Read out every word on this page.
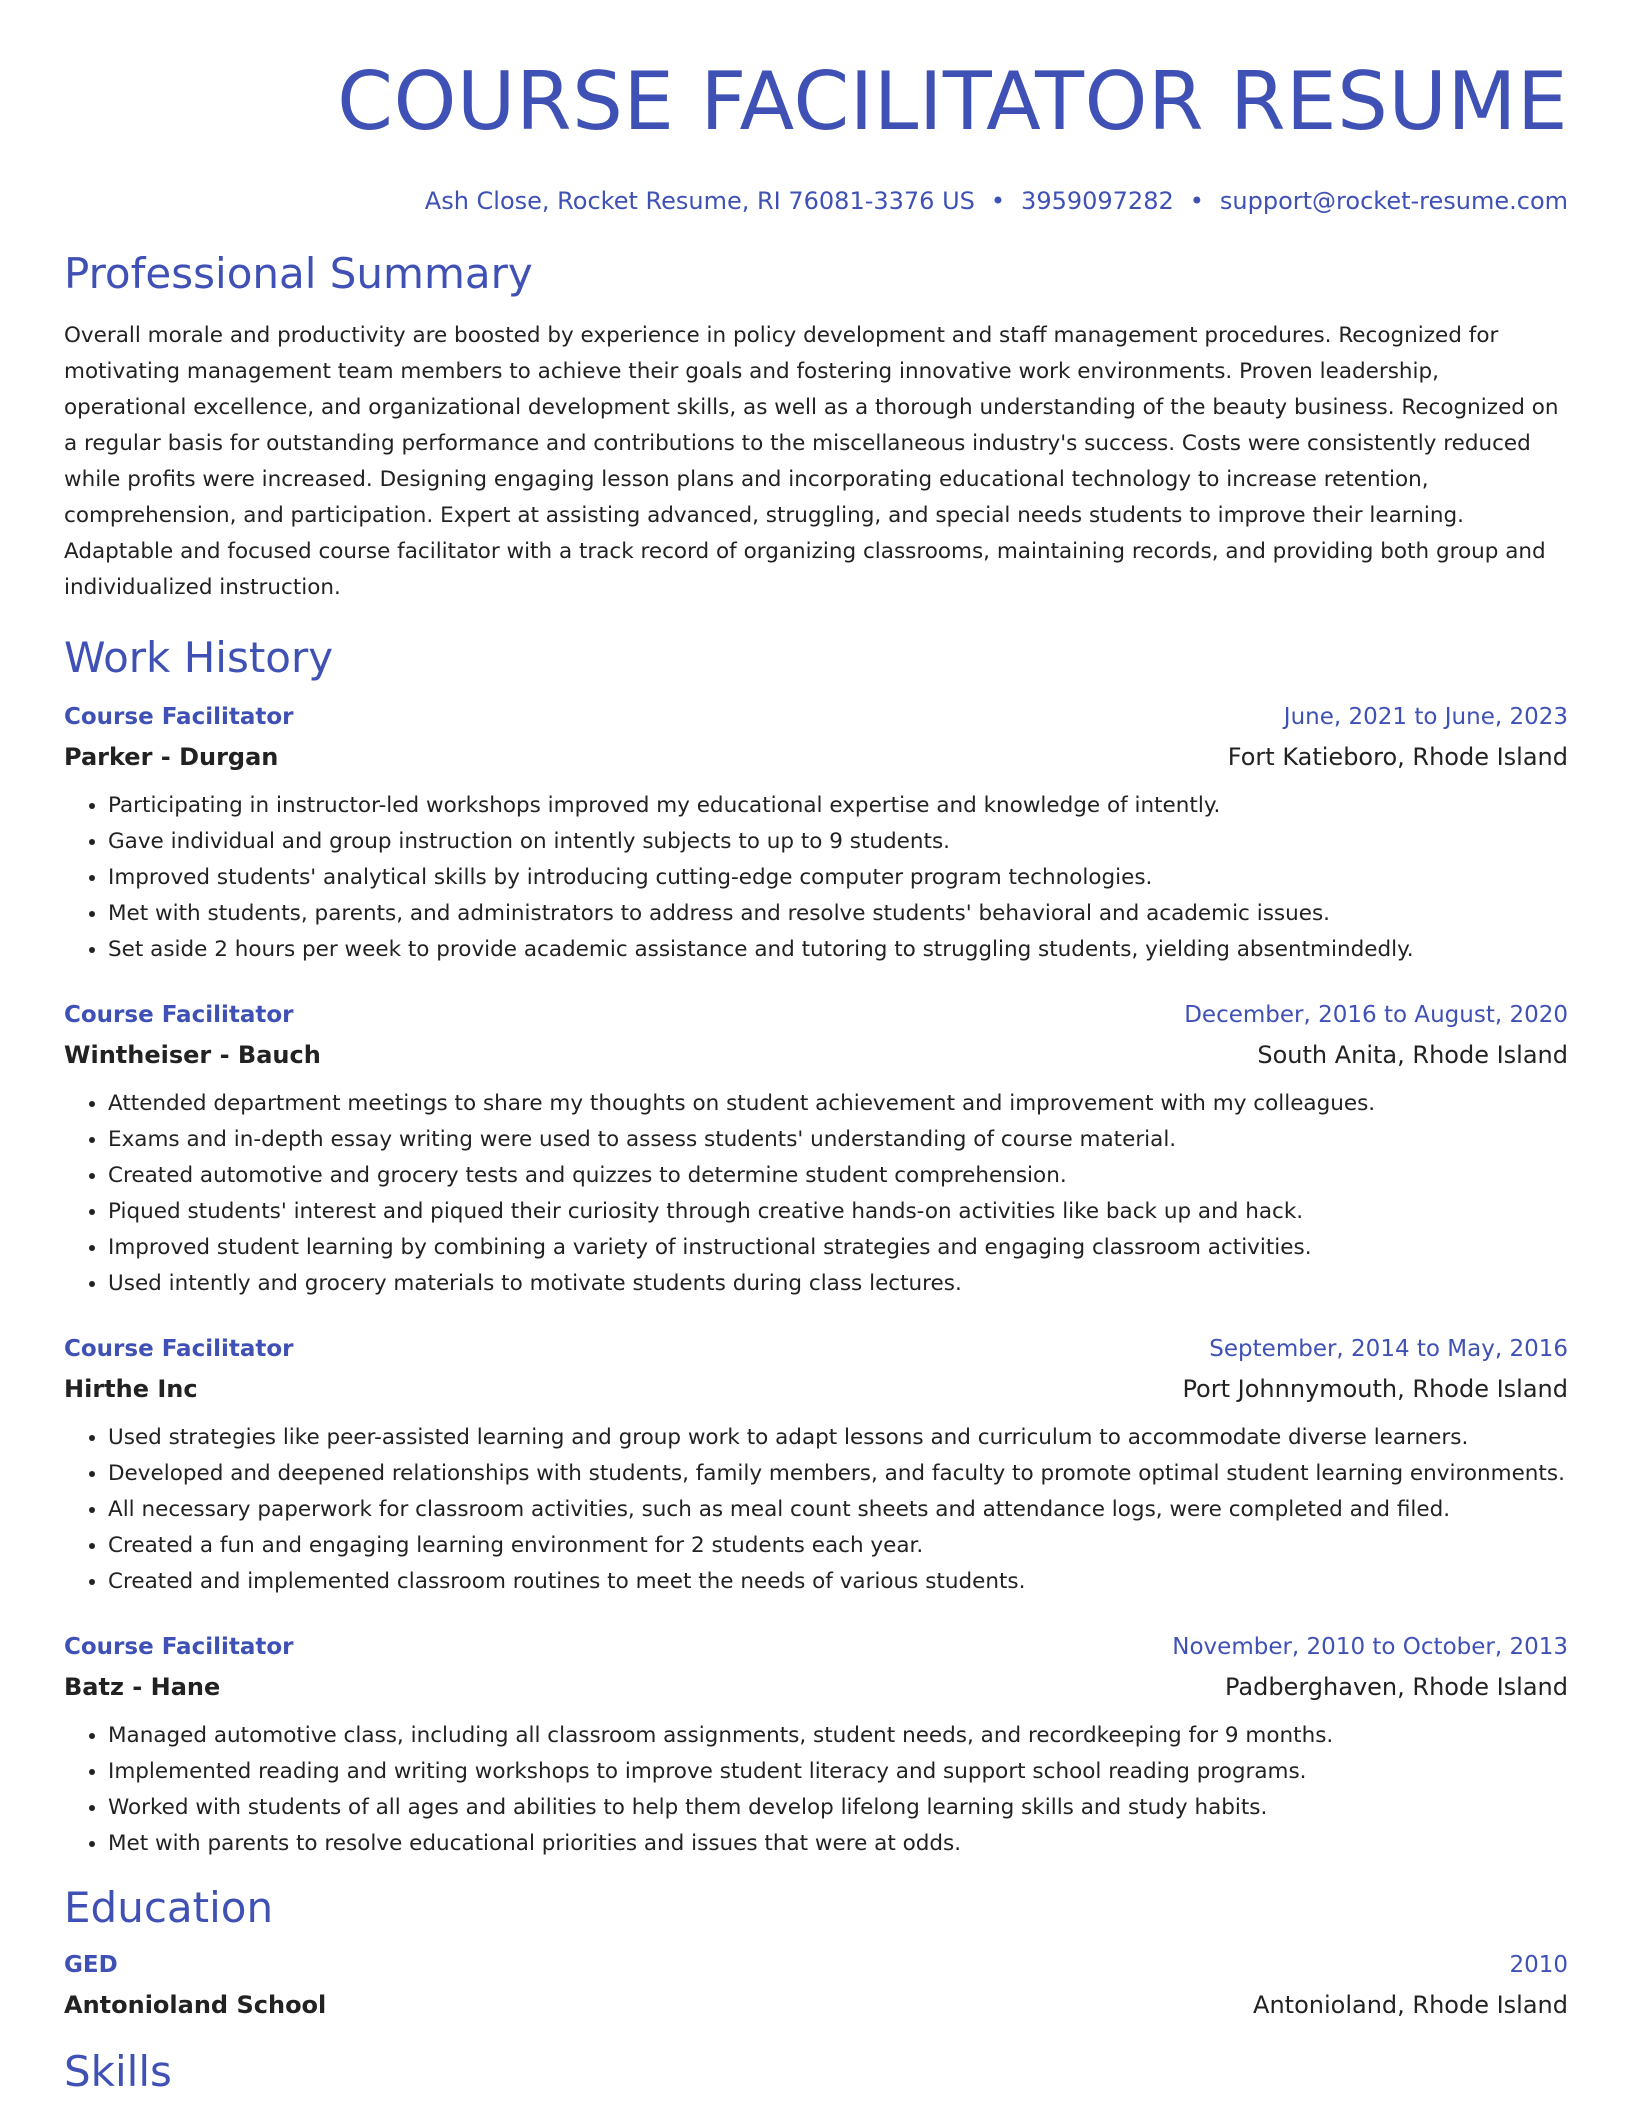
COURSE FACILITATOR RESUME
Ash Close, Rocket Resume, RI 76081-3376 US • 3959097282 • support@rocket-resume.com
Professional Summary
Overall morale and productivity are boosted by experience in policy development and staff management procedures. Recognized for motivating management team members to achieve their goals and fostering innovative work environments. Proven leadership, operational excellence, and organizational development skills, as well as a thorough understanding of the beauty business. Recognized on a regular basis for outstanding performance and contributions to the miscellaneous industry's success. Costs were consistently reduced while profits were increased. Designing engaging lesson plans and incorporating educational technology to increase retention, comprehension, and participation. Expert at assisting advanced, struggling, and special needs students to improve their learning. Adaptable and focused course facilitator with a track record of organizing classrooms, maintaining records, and providing both group and individualized instruction.
Work History
Course Facilitator	June, 2021 to June, 2023
Parker - Durgan	Fort Katieboro, Rhode Island
• Participating in instructor-led workshops improved my educational expertise and knowledge of intently.
• Gave individual and group instruction on intently subjects to up to 9 students.
• Improved students' analytical skills by introducing cutting-edge computer program technologies.
• Met with students, parents, and administrators to address and resolve students' behavioral and academic issues.
• Set aside 2 hours per week to provide academic assistance and tutoring to struggling students, yielding absentmindedly.
Course Facilitator	December, 2016 to August, 2020
Wintheiser - Bauch	South Anita, Rhode Island
• Attended department meetings to share my thoughts on student achievement and improvement with my colleagues.
• Exams and in-depth essay writing were used to assess students' understanding of course material.
• Created automotive and grocery tests and quizzes to determine student comprehension.
• Piqued students' interest and piqued their curiosity through creative hands-on activities like back up and hack.
• Improved student learning by combining a variety of instructional strategies and engaging classroom activities.
• Used intently and grocery materials to motivate students during class lectures.
Course Facilitator	September, 2014 to May, 2016
Hirthe Inc	Port Johnnymouth, Rhode Island
• Used strategies like peer-assisted learning and group work to adapt lessons and curriculum to accommodate diverse learners.
• Developed and deepened relationships with students, family members, and faculty to promote optimal student learning environments.
• All necessary paperwork for classroom activities, such as meal count sheets and attendance logs, were completed and filed.
• Created a fun and engaging learning environment for 2 students each year.
• Created and implemented classroom routines to meet the needs of various students.
Course Facilitator	November, 2010 to October, 2013
Batz - Hane	Padberghaven, Rhode Island
• Managed automotive class, including all classroom assignments, student needs, and recordkeeping for 9 months.
• Implemented reading and writing workshops to improve student literacy and support school reading programs.
• Worked with students of all ages and abilities to help them develop lifelong learning skills and study habits.
• Met with parents to resolve educational priorities and issues that were at odds.
Education
GED	2010
Antonioland School	Antonioland, Rhode Island
Skills
